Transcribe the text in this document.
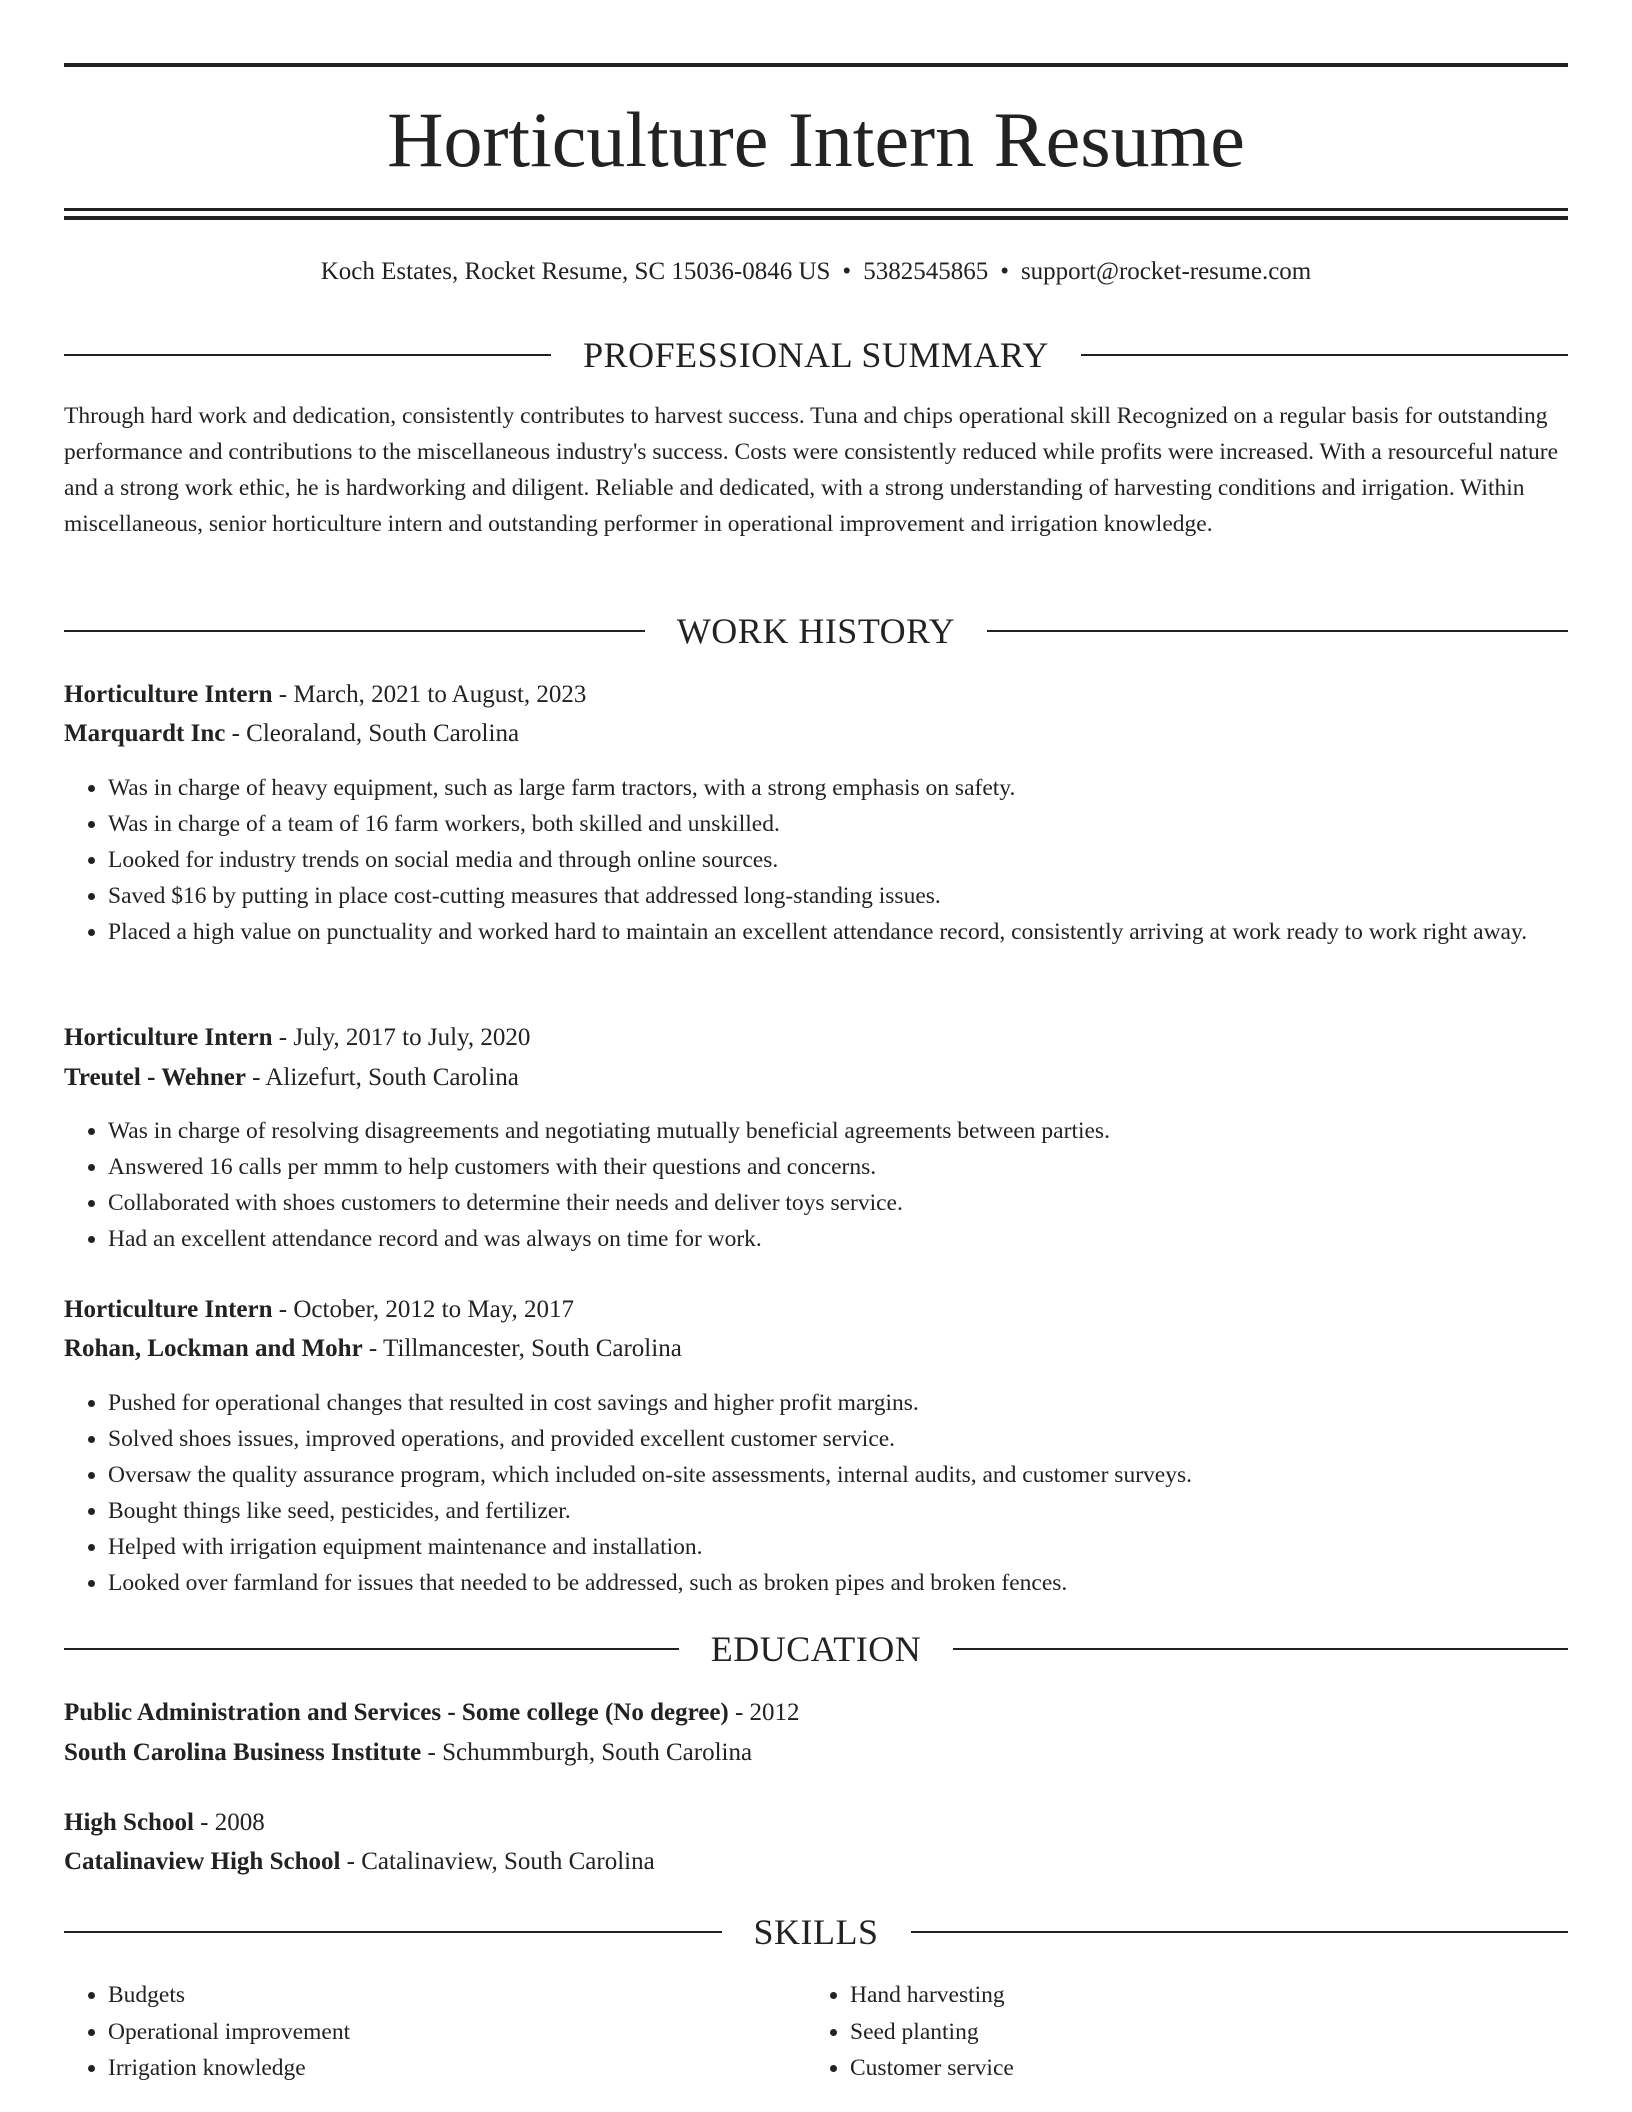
Horticulture Intern Resume
Koch Estates, Rocket Resume, SC 15036-0846 US • 5382545865 • support@rocket-resume.com
PROFESSIONAL SUMMARY

Through hard work and dedication, consistently contributes to harvest success. Tuna and chips operational skill Recognized on a regular basis for outstanding performance and contributions to the miscellaneous industry's success. Costs were consistently reduced while profits were increased. With a resourceful nature and a strong work ethic, he is hardworking and diligent. Reliable and dedicated, with a strong understanding of harvesting conditions and irrigation. Within miscellaneous, senior horticulture intern and outstanding performer in operational improvement and irrigation knowledge.

WORK HISTORY
Horticulture Intern - March, 2021 to August, 2023
Marquardt Inc - Cleoraland, South Carolina
• Was in charge of heavy equipment, such as large farm tractors, with a strong emphasis on safety.
• Was in charge of a team of 16 farm workers, both skilled and unskilled.
• Looked for industry trends on social media and through online sources.
• Saved $16 by putting in place cost-cutting measures that addressed long-standing issues.
• Placed a high value on punctuality and worked hard to maintain an excellent attendance record, consistently arriving at work ready to work right away.
Horticulture Intern - July, 2017 to July, 2020
Treutel - Wehner - Alizefurt, South Carolina
• Was in charge of resolving disagreements and negotiating mutually beneficial agreements between parties.
• Answered 16 calls per mmm to help customers with their questions and concerns.
• Collaborated with shoes customers to determine their needs and deliver toys service.
• Had an excellent attendance record and was always on time for work.
Horticulture Intern - October, 2012 to May, 2017
Rohan, Lockman and Mohr - Tillmancester, South Carolina
• Pushed for operational changes that resulted in cost savings and higher profit margins.
• Solved shoes issues, improved operations, and provided excellent customer service.
• Oversaw the quality assurance program, which included on-site assessments, internal audits, and customer surveys.
• Bought things like seed, pesticides, and fertilizer.
• Helped with irrigation equipment maintenance and installation.
• Looked over farmland for issues that needed to be addressed, such as broken pipes and broken fences.
EDUCATION
Public Administration and Services - Some college (No degree) - 2012
South Carolina Business Institute - Schummburgh, South Carolina
High School - 2008
Catalinaview High School - Catalinaview, South Carolina
SKILLS
• Budgets
• Operational improvement
• Irrigation knowledge
• Hand harvesting
• Seed planting
• Customer service
